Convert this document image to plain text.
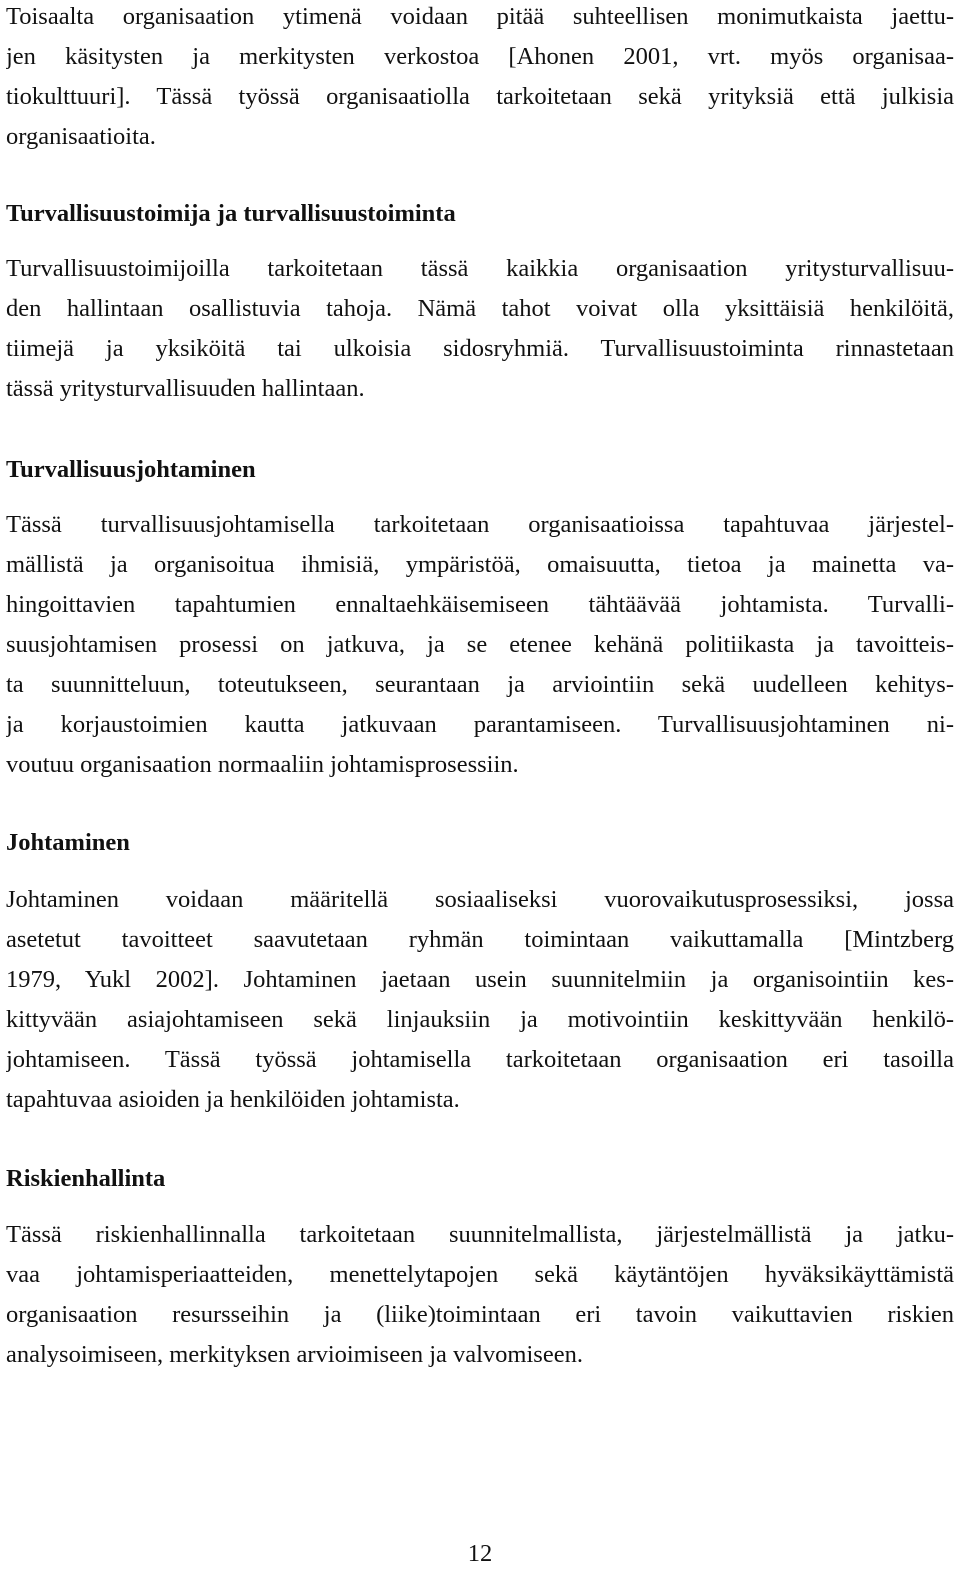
Toisaalta organisaation ytimenä voidaan pitää suhteellisen monimutkaista jaettu-

jen käsitysten ja merkitysten verkostoa [Ahonen 2001, vrt. myös organisaa-

tiokulttuuri]. Tässä työssä organisaatiolla tarkoitetaan sekä yrityksiä että julkisia

organisaatioita.

Turvallisuustoimija ja turvallisuustoiminta

Turvallisuustoimijoilla tarkoitetaan tässä kaikkia organisaation yritysturvallisuu-

den hallintaan osallistuvia tahoja. Nämä tahot voivat olla yksittäisiä henkilöitä,

tiimejä ja yksiköitä tai ulkoisia sidosryhmiä. Turvallisuustoiminta rinnastetaan

tässä yritysturvallisuuden hallintaan.

Turvallisuusjohtaminen

Tässä turvallisuusjohtamisella tarkoitetaan organisaatioissa tapahtuvaa järjestel-

mällistä ja organisoitua ihmisiä, ympäristöä, omaisuutta, tietoa ja mainetta va-

hingoittavien tapahtumien ennaltaehkäisemiseen tähtäävää johtamista. Turvalli-

suusjohtamisen prosessi on jatkuva, ja se etenee kehänä politiikasta ja tavoitteis-

ta suunnitteluun, toteutukseen, seurantaan ja arviointiin sekä uudelleen kehitys-

ja korjaustoimien kautta jatkuvaan parantamiseen. Turvallisuusjohtaminen ni-

voutuu organisaation normaaliin johtamisprosessiin.

Johtaminen

Johtaminen voidaan määritellä sosiaaliseksi vuorovaikutusprosessiksi, jossa

asetetut tavoitteet saavutetaan ryhmän toimintaan vaikuttamalla [Mintzberg

1979, Yukl 2002]. Johtaminen jaetaan usein suunnitelmiin ja organisointiin kes-

kittyvään asiajohtamiseen sekä linjauksiin ja motivointiin keskittyvään henkilö-

johtamiseen. Tässä työssä johtamisella tarkoitetaan organisaation eri tasoilla

tapahtuvaa asioiden ja henkilöiden johtamista.

Riskienhallinta

Tässä riskienhallinnalla tarkoitetaan suunnitelmallista, järjestelmällistä ja jatku-

vaa johtamisperiaatteiden, menettelytapojen sekä käytäntöjen hyväksikäyttämistä

organisaation resursseihin ja (liike)toimintaan eri tavoin vaikuttavien riskien

analysoimiseen, merkityksen arvioimiseen ja valvomiseen.

12
